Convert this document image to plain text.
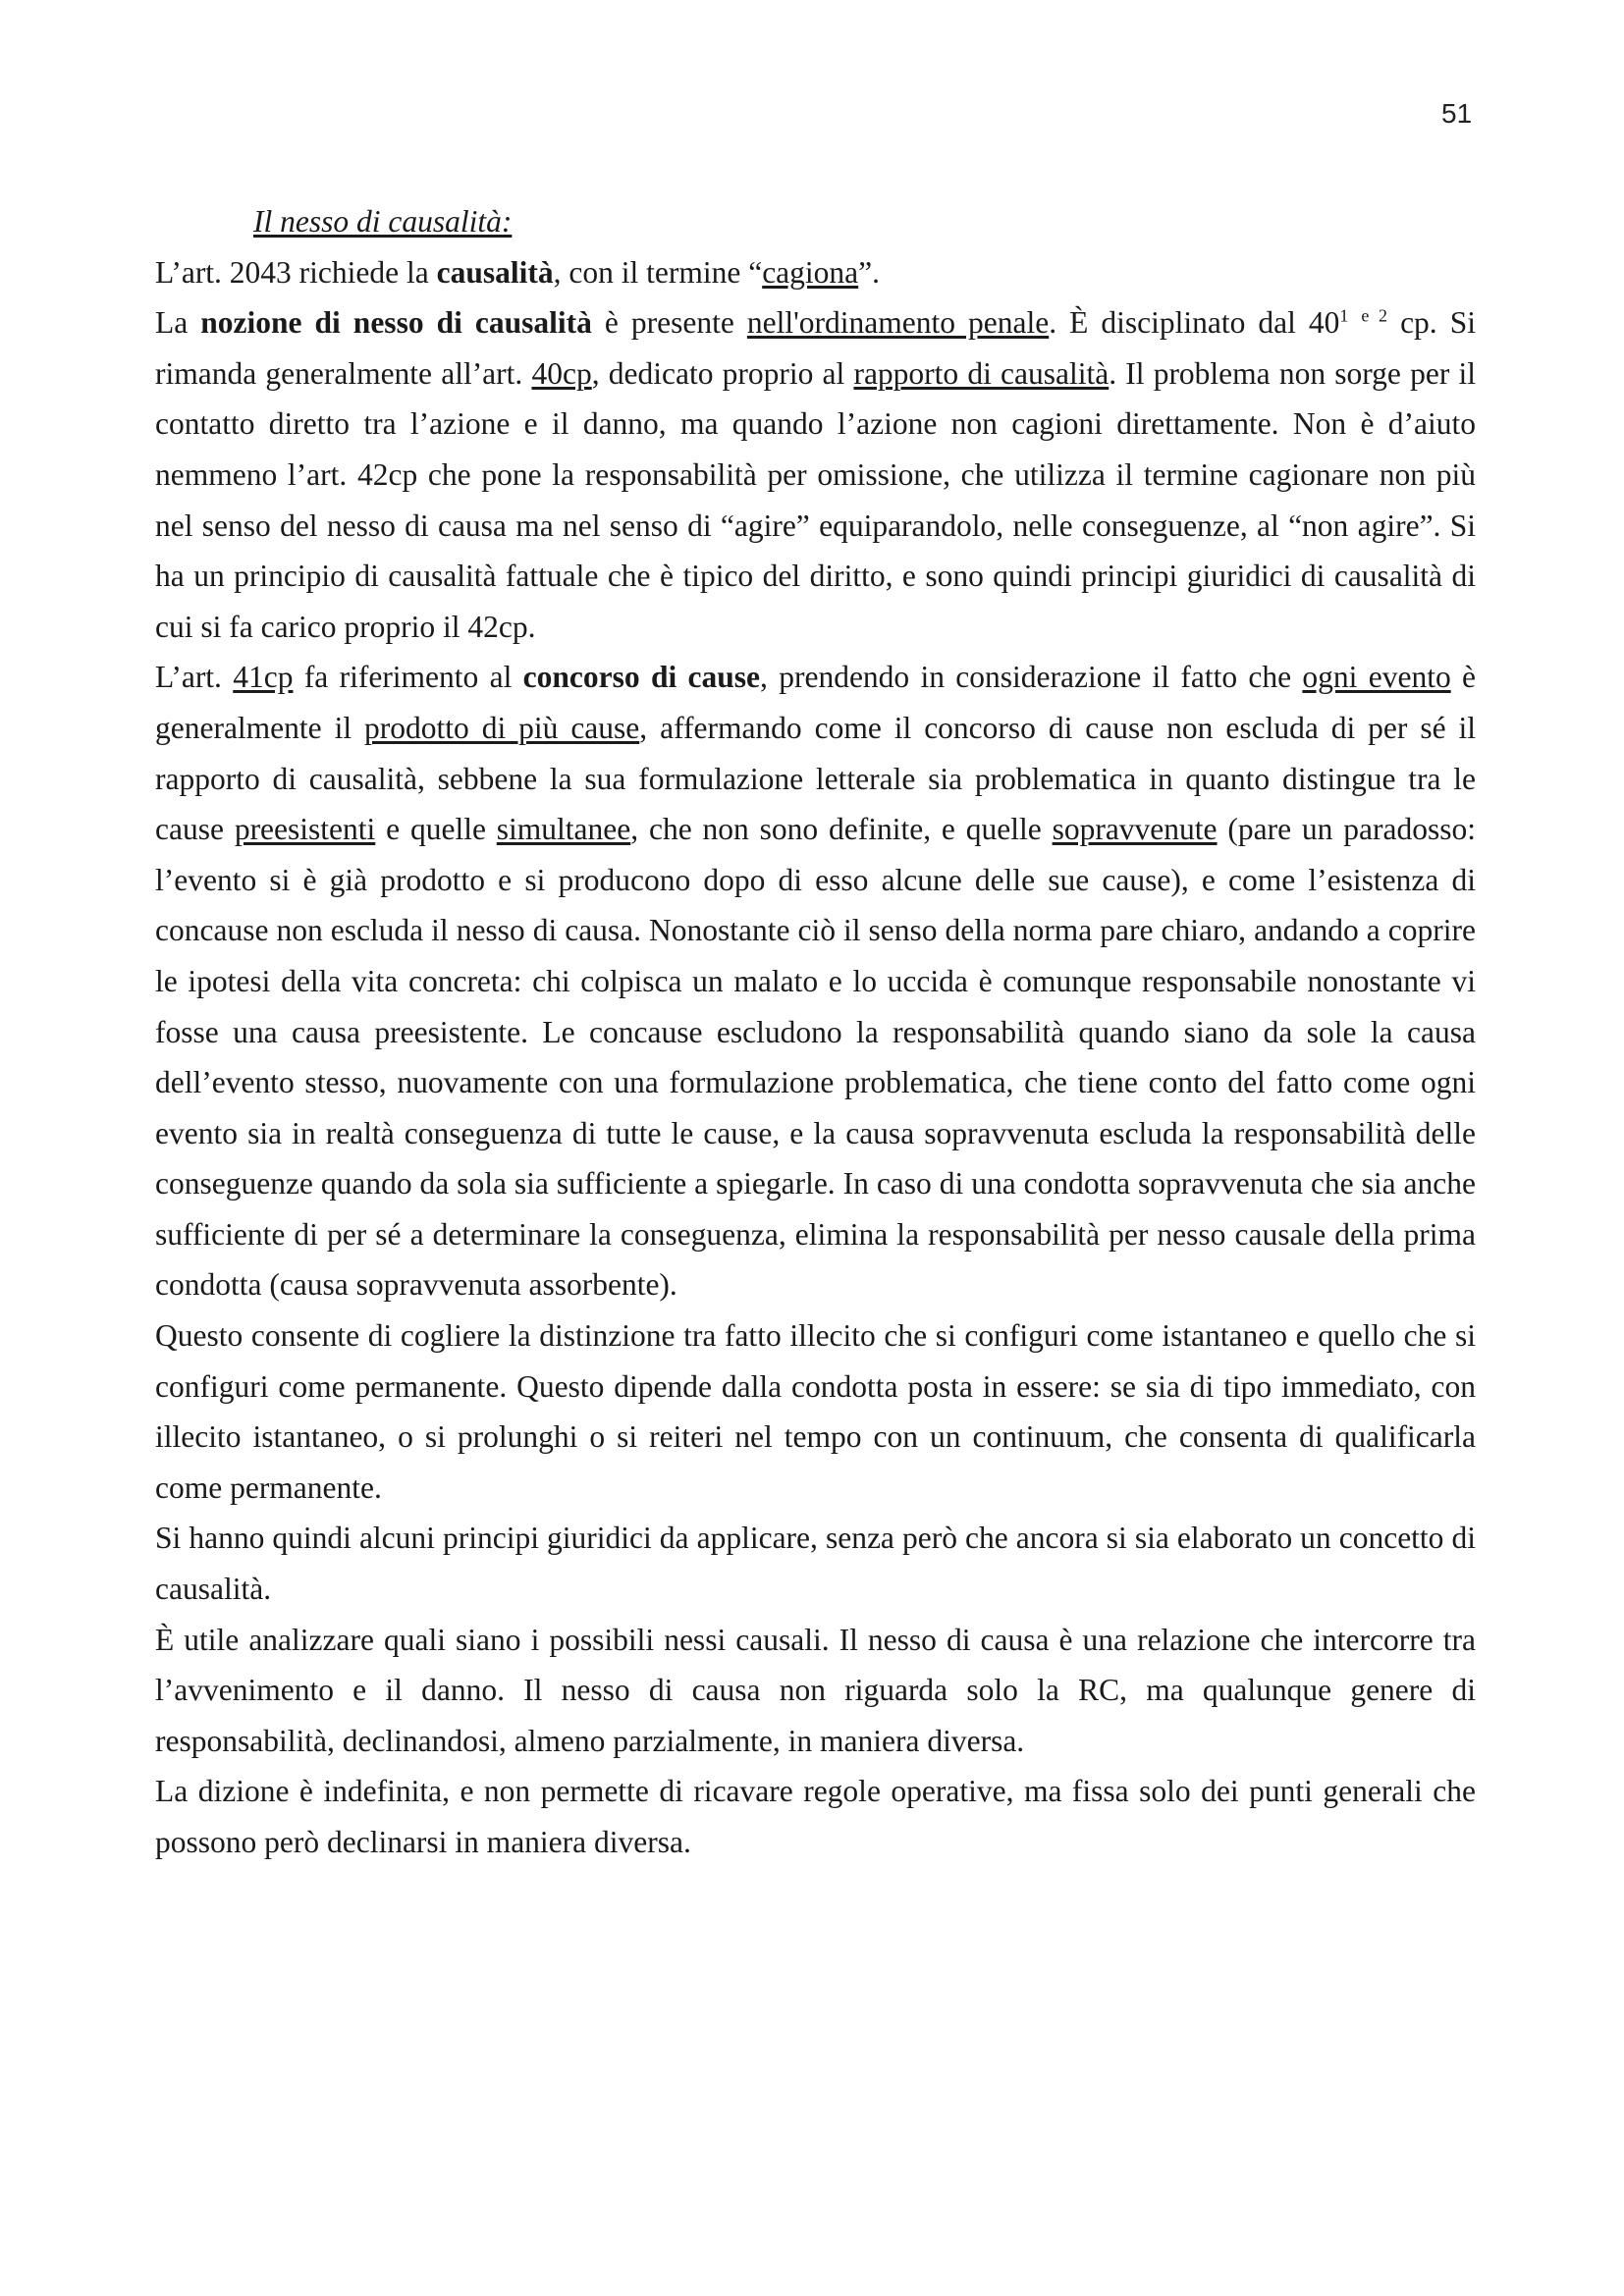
51

Il nesso di causalità:

L’art. 2043 richiede la causalità, con il termine “cagiona”.

La nozione di nesso di causalità è presente nell'ordinamento penale. È disciplinato dal $40^1$ $^{e 2}$ cp. Si rimanda generalmente all’art. 40cp, dedicato proprio al rapporto di causalità. Il problema non sorge per il contatto diretto tra l’azione e il danno, ma quando l’azione non cagioni direttamente. Non è d’aiuto nemmeno l’art. 42cp che pone la responsabilità per omissione, che utilizza il termine cagionare non più nel senso del nesso di causa ma nel senso di “agire” equiparandolo, nelle conseguenze, al “non agire”. Si ha un principio di causalità fattuale che è tipico del diritto, e sono quindi principi giuridici di causalità di cui si fa carico proprio il 42cp.

L’art. 41cp fa riferimento al concorso di cause, prendendo in considerazione il fatto che ogni evento è generalmente il prodotto di più cause, affermando come il concorso di cause non escluda di per sé il rapporto di causalità, sebbene la sua formulazione letterale sia problematica in quanto distingue tra le cause preesistenti e quelle simultanee, che non sono definite, e quelle sopravvenute (pare un paradosso: l’evento si è già prodotto e si producono dopo di esso alcune delle sue cause), e come l’esistenza di concause non escluda il nesso di causa. Nonostante ciò il senso della norma pare chiaro, andando a coprire le ipotesi della vita concreta: chi colpisca un malato e lo uccida è comunque responsabile nonostante vi fosse una causa preesistente. Le concause escludono la responsabilità quando siano da sole la causa dell’evento stesso, nuovamente con una formulazione problematica, che tiene conto del fatto come ogni evento sia in realtà conseguenza di tutte le cause, e la causa sopravvenuta escluda la responsabilità delle conseguenze quando da sola sia sufficiente a spiegarle. In caso di una condotta sopravvenuta che sia anche sufficiente di per sé a determinare la conseguenza, elimina la responsabilità per nesso causale della prima condotta (causa sopravvenuta assorbente).

Questo consente di cogliere la distinzione tra fatto illecito che si configuri come istantaneo e quello che si configuri come permanente. Questo dipende dalla condotta posta in essere: se sia di tipo immediato, con illecito istantaneo, o si prolunghi o si reiteri nel tempo con un continuum, che consenta di qualificarla come permanente.

Si hanno quindi alcuni principi giuridici da applicare, senza però che ancora si sia elaborato un concetto di causalità.

È utile analizzare quali siano i possibili nessi causali. Il nesso di causa è una relazione che intercorre tra l’avvenimento e il danno. Il nesso di causa non riguarda solo la RC, ma qualunque genere di responsabilità, declinandosi, almeno parzialmente, in maniera diversa.

La dizione è indefinita, e non permette di ricavare regole operative, ma fissa solo dei punti generali che possono però declinarsi in maniera diversa.
